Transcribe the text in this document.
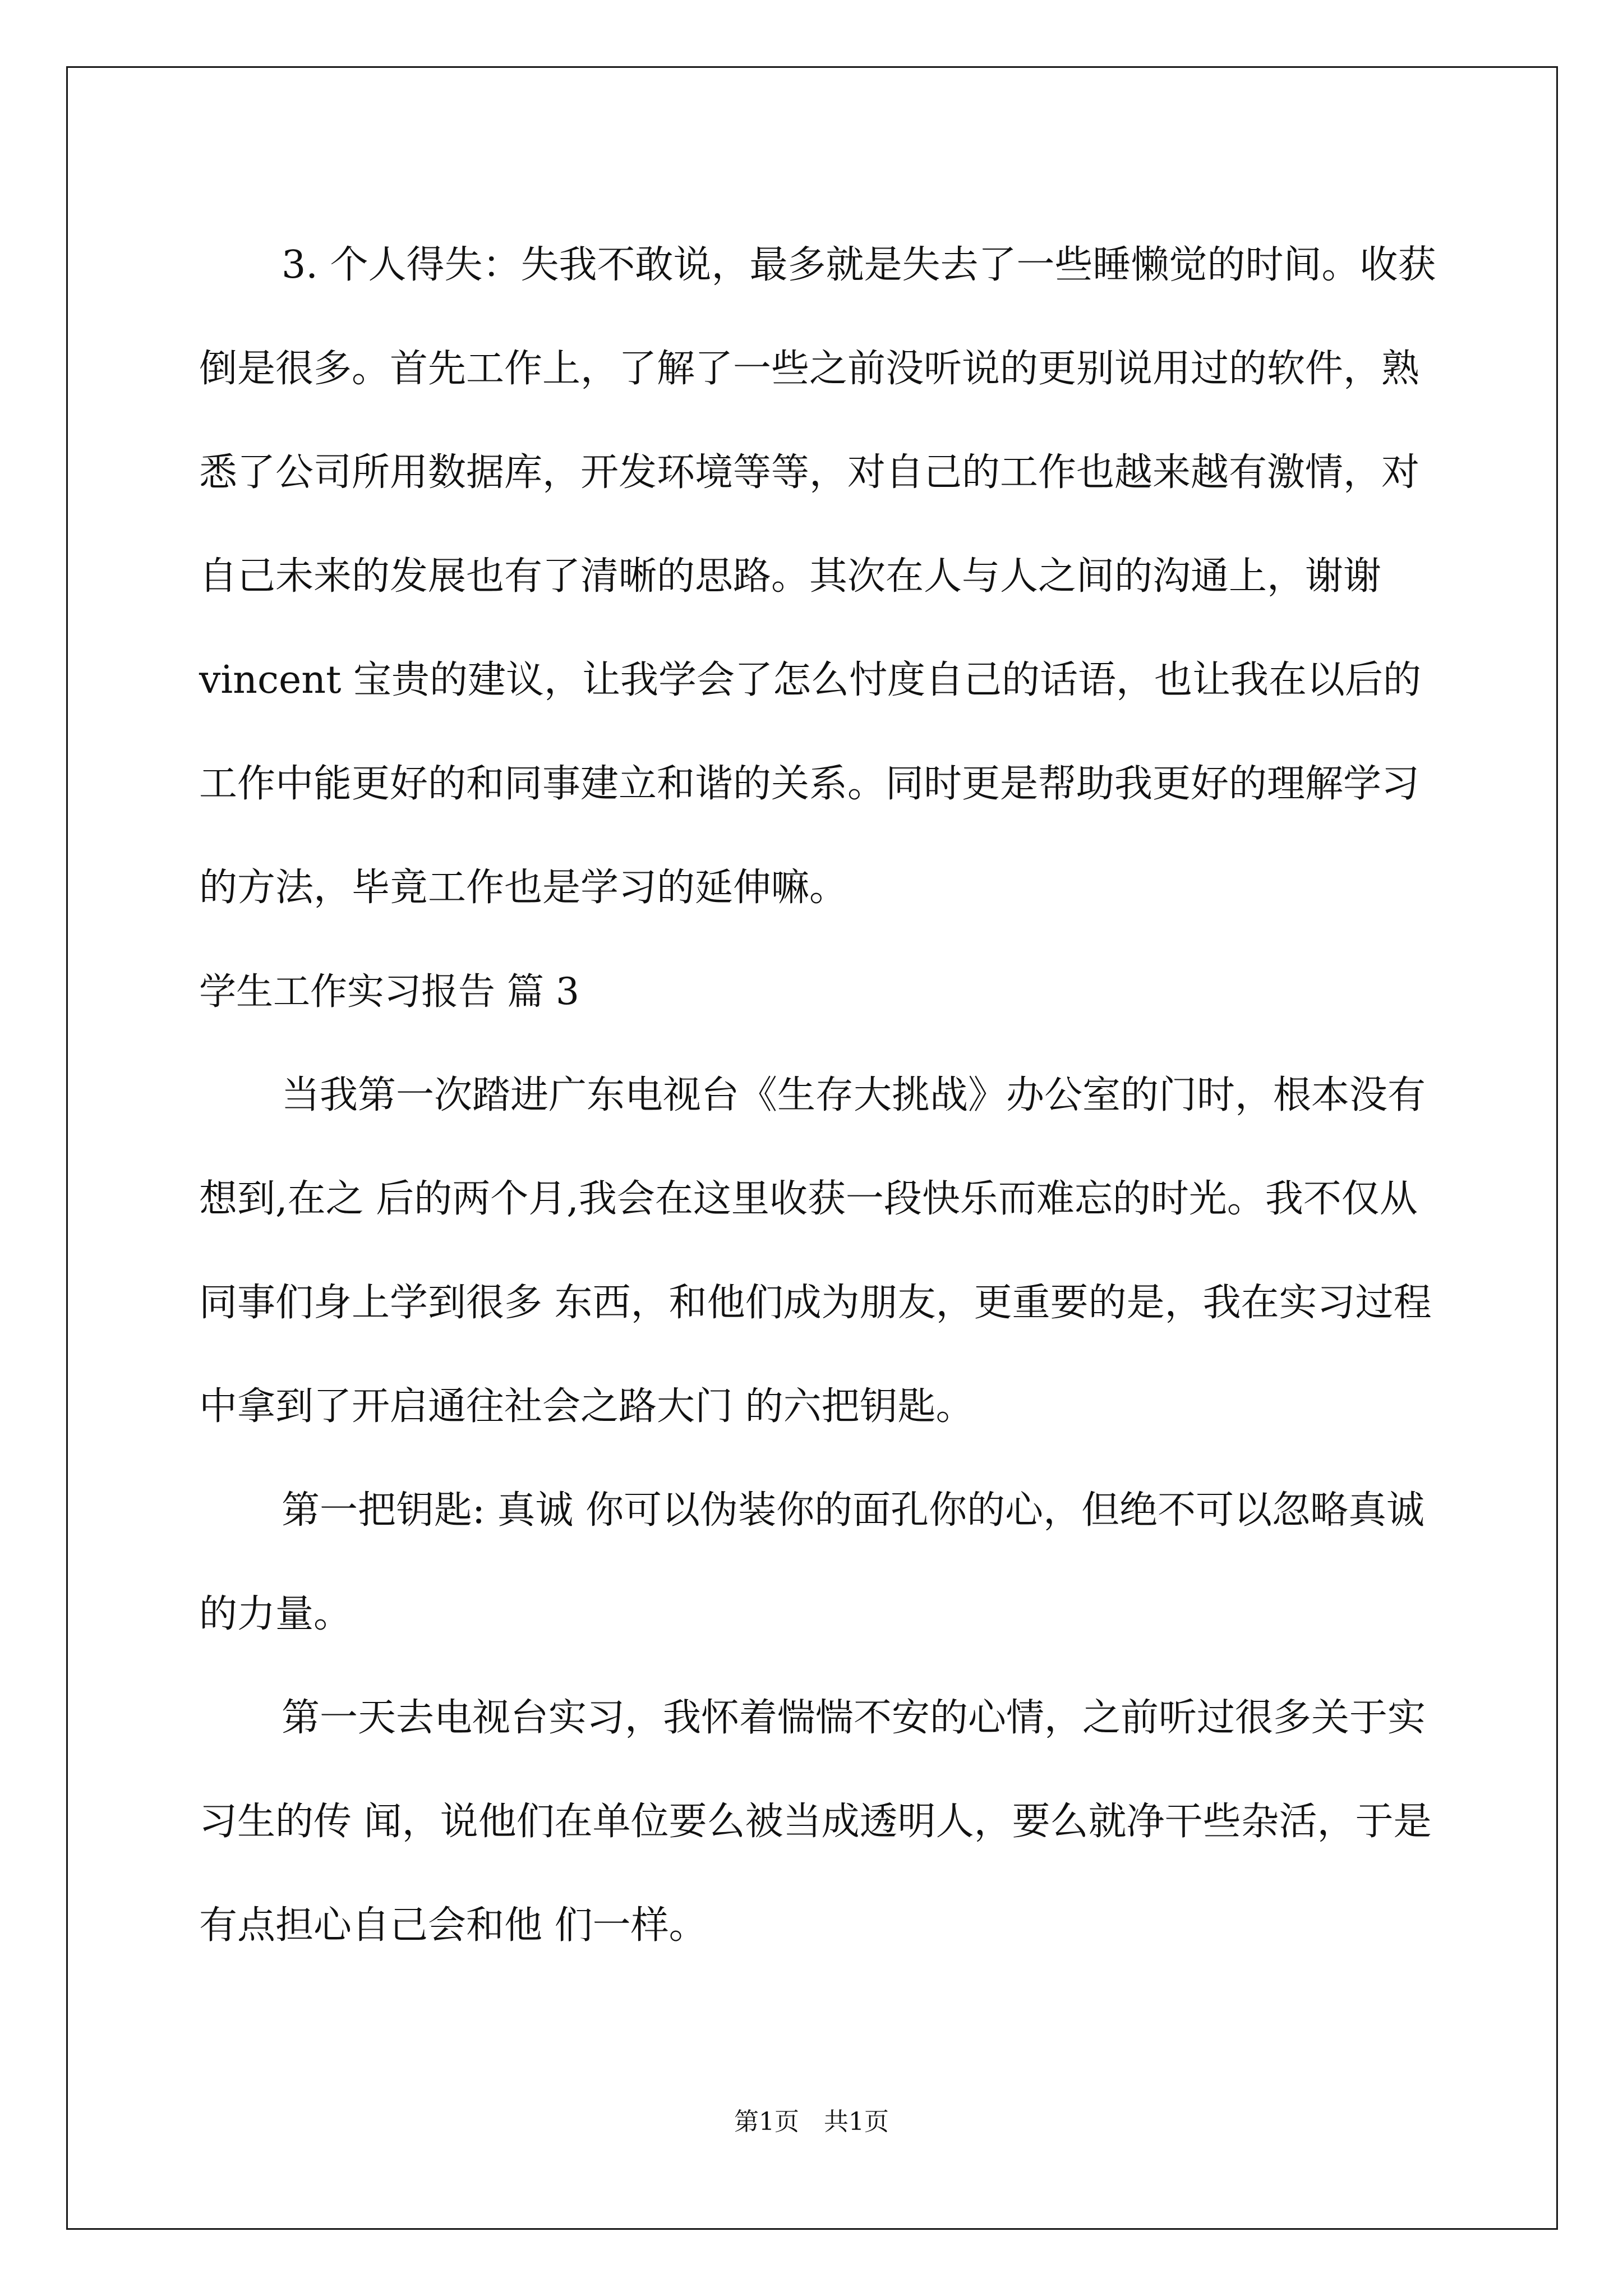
3. 个人得失：失我不敢说，最多就是失去了一些睡懒觉的时间。收获倒是很多。首先工作上，了解了一些之前没听说的更别说用过的软件，熟悉了公司所用数据库，开发环境等等，对自己的工作也越来越有激情，对自己未来的发展也有了清晰的思路。其次在人与人之间的沟通上，谢谢 vincent 宝贵的建议，让我学会了怎么忖度自己的话语，也让我在以后的工作中能更好的和同事建立和谐的关系。同时更是帮助我更好的理解学习的方法，毕竟工作也是学习的延伸嘛。

学生工作实习报告 篇 3

当我第一次踏进广东电视台《生存大挑战》办公室的门时，根本没有想到,在之 后的两个月,我会在这里收获一段快乐而难忘的时光。我不仅从同事们身上学到很多 东西，和他们成为朋友，更重要的是，我在实习过程中拿到了开启通往社会之路大门 的六把钥匙。

第一把钥匙: 真诚 你可以伪装你的面孔你的心，但绝不可以忽略真诚的力量。

第一天去电视台实习，我怀着惴惴不安的心情，之前听过很多关于实习生的传 闻，说他们在单位要么被当成透明人，要么就净干些杂活，于是有点担心自己会和他 们一样。

第1页　共1页
